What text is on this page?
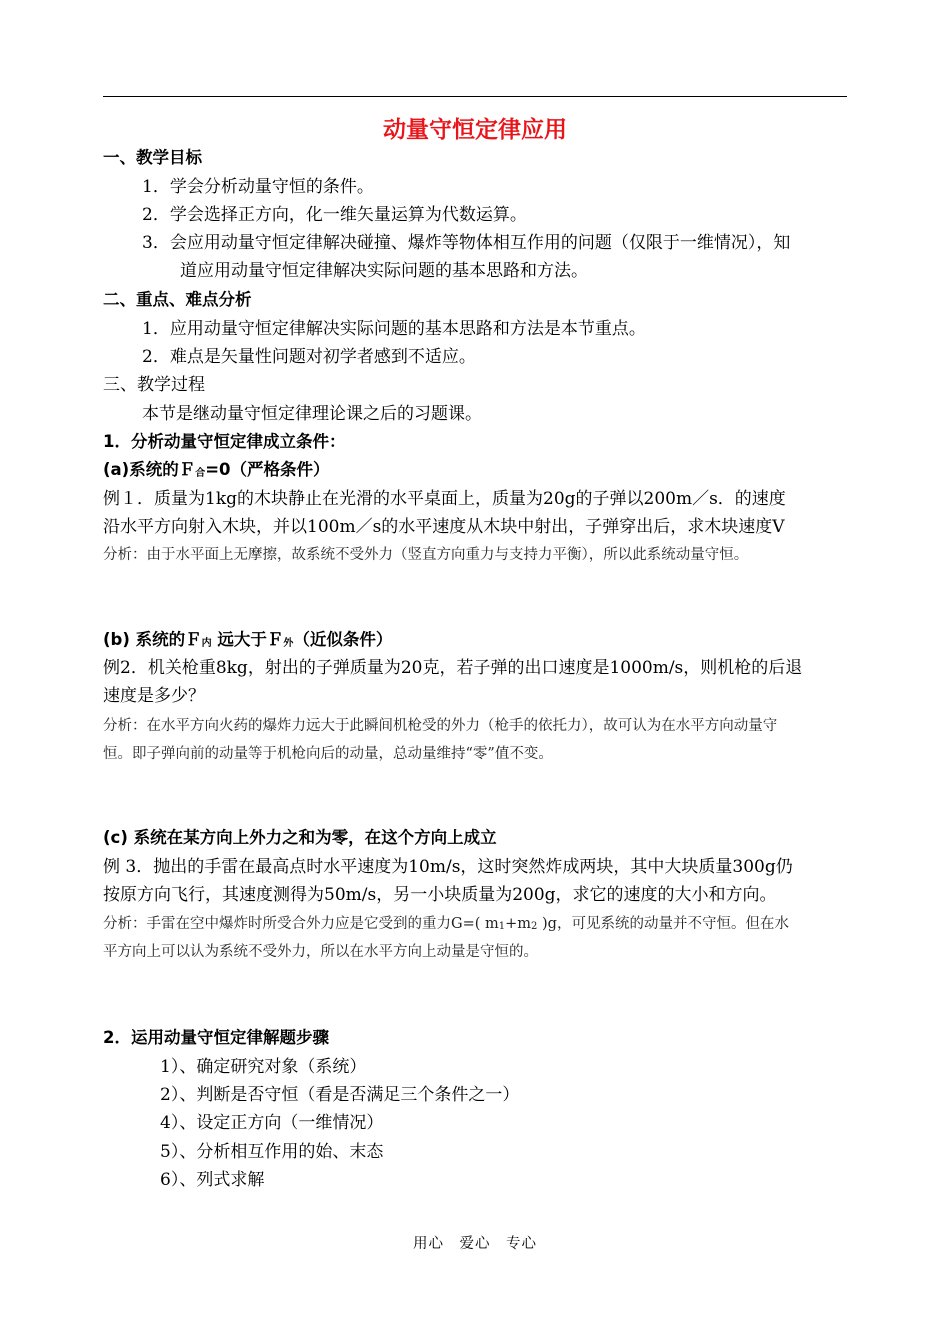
动量守恒定律应用
一、教学目标
1．学会分析动量守恒的条件。
2．学会选择正方向，化一维矢量运算为代数运算。
3．会应用动量守恒定律解决碰撞、爆炸等物体相互作用的问题（仅限于一维情况），知
道应用动量守恒定律解决实际问题的基本思路和方法。
二、重点、难点分析
1．应用动量守恒定律解决实际问题的基本思路和方法是本节重点。
2．难点是矢量性问题对初学者感到不适应。
三、教学过程
本节是继动量守恒定律理论课之后的习题课。
1．分析动量守恒定律成立条件：
(a)系统的Ｆ合=0（严格条件）
例１．质量为1kg的木块静止在光滑的水平桌面上，质量为20g的子弹以200m／s．的速度
沿水平方向射入木块，并以100m／s的水平速度从木块中射出，子弹穿出后，求木块速度V
分析：由于水平面上无摩擦，故系统不受外力（竖直方向重力与支持力平衡），所以此系统动量守恒。
(b) 系统的Ｆ内 远大于Ｆ外（近似条件）
例2．机关枪重8kg，射出的子弹质量为20克，若子弹的出口速度是1000m/s，则机枪的后退
速度是多少？
分析：在水平方向火药的爆炸力远大于此瞬间机枪受的外力（枪手的依托力），故可认为在水平方向动量守
恒。即子弹向前的动量等于机枪向后的动量，总动量维持“零”值不变。
(c) 系统在某方向上外力之和为零，在这个方向上成立
例 3．抛出的手雷在最高点时水平速度为10m/s，这时突然炸成两块，其中大块质量300g仍
按原方向飞行，其速度测得为50m/s，另一小块质量为200g，求它的速度的大小和方向。
分析：手雷在空中爆炸时所受合外力应是它受到的重力G=( m1+m2 )g，可见系统的动量并不守恒。但在水
平方向上可以认为系统不受外力，所以在水平方向上动量是守恒的。
2．运用动量守恒定律解题步骤
1）、确定研究对象（系统）
2）、判断是否守恒（看是否满足三个条件之一）
4）、设定正方向（一维情况）
5）、分析相互作用的始、末态
6）、列式求解
用心　爱心　专心
